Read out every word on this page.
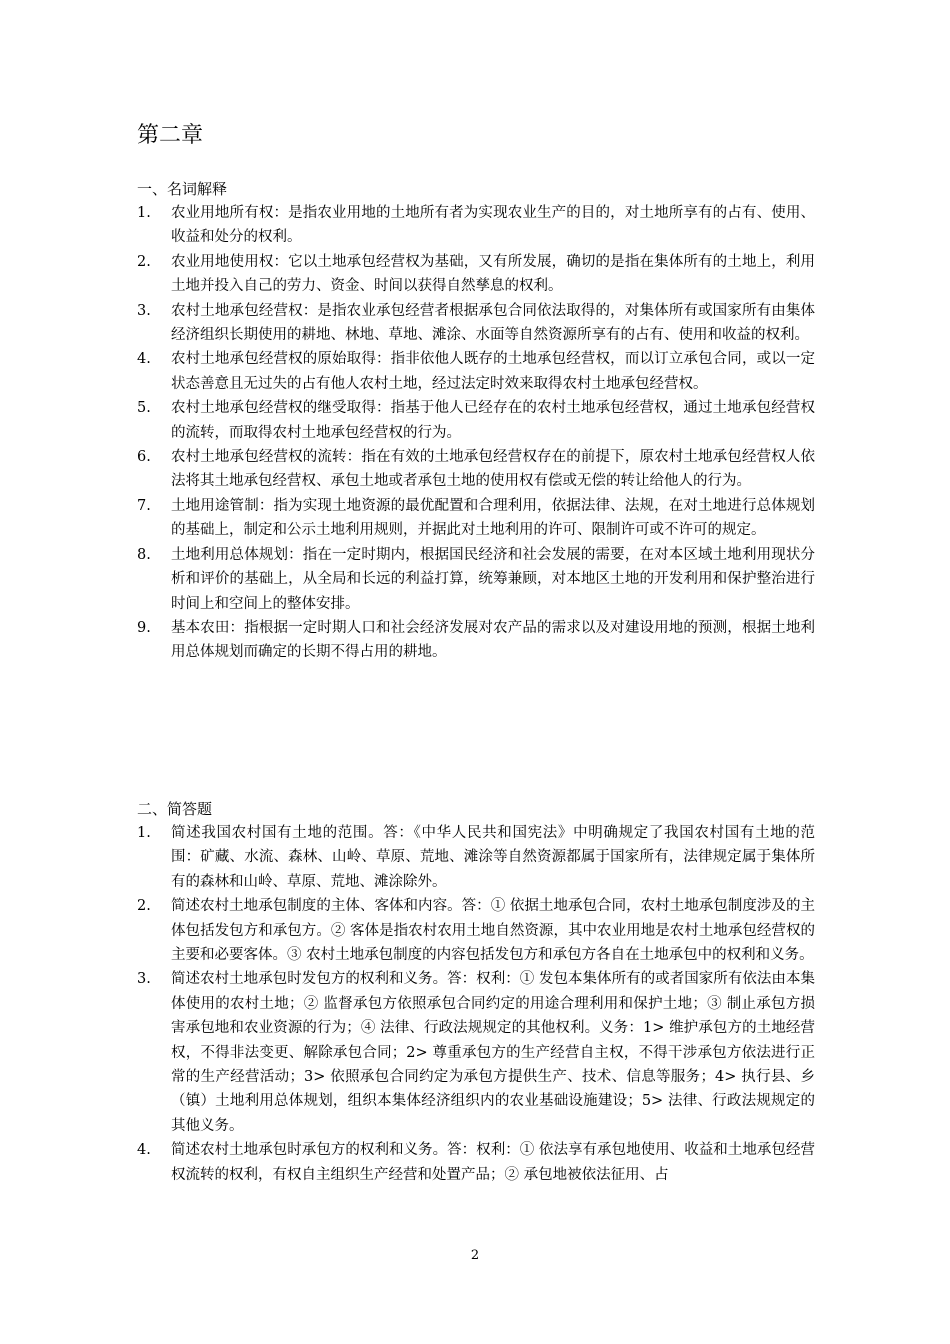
第二章
一、名词解释
1. 农业用地所有权：是指农业用地的土地所有者为实现农业生产的目的，对土地所享有的占有、使用、收益和处分的权利。
2. 农业用地使用权：它以土地承包经营权为基础，又有所发展，确切的是指在集体所有的土地上，利用土地并投入自己的劳力、资金、时间以获得自然孳息的权利。
3. 农村土地承包经营权：是指农业承包经营者根据承包合同依法取得的，对集体所有或国家所有由集体经济组织长期使用的耕地、林地、草地、滩涂、水面等自然资源所享有的占有、使用和收益的权利。
4. 农村土地承包经营权的原始取得：指非依他人既存的土地承包经营权，而以订立承包合同，或以一定状态善意且无过失的占有他人农村土地，经过法定时效来取得农村土地承包经营权。
5. 农村土地承包经营权的继受取得：指基于他人已经存在的农村土地承包经营权，通过土地承包经营权的流转，而取得农村土地承包经营权的行为。
6. 农村土地承包经营权的流转：指在有效的土地承包经营权存在的前提下，原农村土地承包经营权人依法将其土地承包经营权、承包土地或者承包土地的使用权有偿或无偿的转让给他人的行为。
7. 土地用途管制：指为实现土地资源的最优配置和合理利用，依据法律、法规，在对土地进行总体规划的基础上，制定和公示土地利用规则，并据此对土地利用的许可、限制许可或不许可的规定。
8. 土地利用总体规划：指在一定时期内，根据国民经济和社会发展的需要，在对本区域土地利用现状分析和评价的基础上，从全局和长远的利益打算，统筹兼顾，对本地区土地的开发利用和保护整治进行时间上和空间上的整体安排。
9. 基本农田：指根据一定时期人口和社会经济发展对农产品的需求以及对建设用地的预测，根据土地利用总体规划而确定的长期不得占用的耕地。
二、简答题
1. 简述我国农村国有土地的范围。答：《中华人民共和国宪法》中明确规定了我国农村国有土地的范围：矿藏、水流、森林、山岭、草原、荒地、滩涂等自然资源都属于国家所有，法律规定属于集体所有的森林和山岭、草原、荒地、滩涂除外。
2. 简述农村土地承包制度的主体、客体和内容。答：① 依据土地承包合同，农村土地承包制度涉及的主体包括发包方和承包方。② 客体是指农村农用土地自然资源，其中农业用地是农村土地承包经营权的主要和必要客体。③ 农村土地承包制度的内容包括发包方和承包方各自在土地承包中的权利和义务。
3. 简述农村土地承包时发包方的权利和义务。答：权利：① 发包本集体所有的或者国家所有依法由本集体使用的农村土地；② 监督承包方依照承包合同约定的用途合理利用和保护土地；③ 制止承包方损害承包地和农业资源的行为；④ 法律、行政法规规定的其他权利。义务：1> 维护承包方的土地经营权，不得非法变更、解除承包合同；2> 尊重承包方的生产经营自主权，不得干涉承包方依法进行正常的生产经营活动；3> 依照承包合同约定为承包方提供生产、技术、信息等服务；4> 执行县、乡（镇）土地利用总体规划，组织本集体经济组织内的农业基础设施建设；5> 法律、行政法规规定的其他义务。
4. 简述农村土地承包时承包方的权利和义务。答：权利：① 依法享有承包地使用、收益和土地承包经营权流转的权利，有权自主组织生产经营和处置产品；② 承包地被依法征用、占
2
